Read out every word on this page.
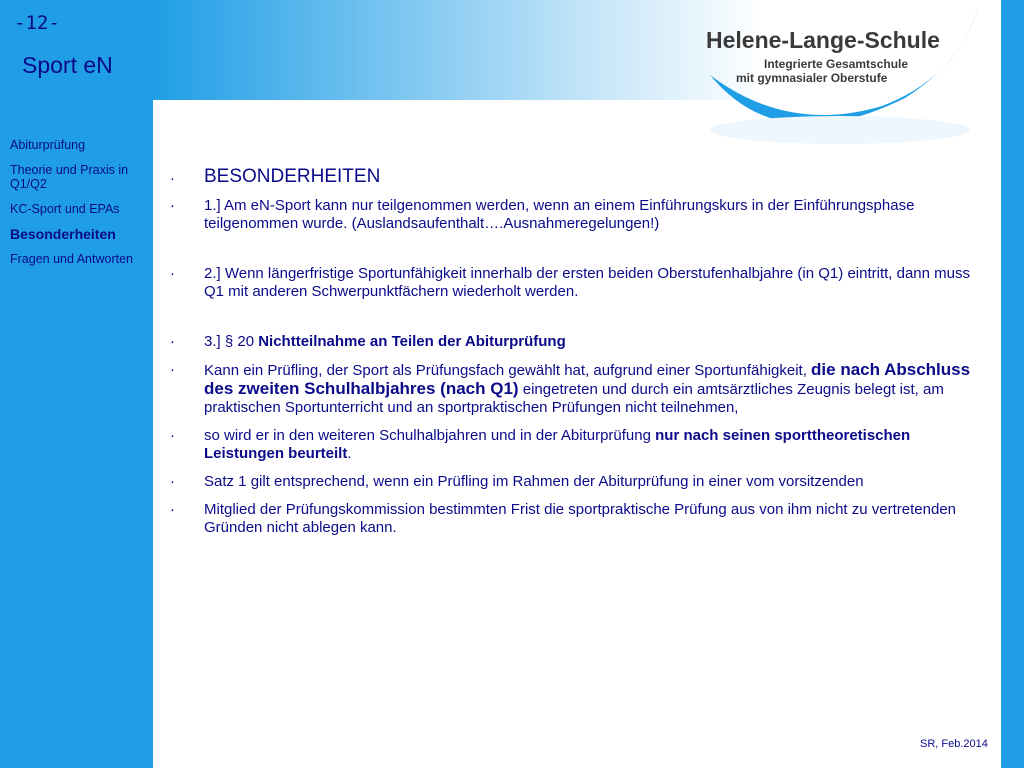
-12-
Sport eN
Abiturprüfung
Theorie und Praxis in Q1/Q2
KC-Sport und EPAs
Besonderheiten
Fragen und Antworten
Helene-Lange-Schule
Integrierte Gesamtschule
mit gymnasialer Oberstufe
· BESONDERHEITEN
· 1.] Am eN-Sport kann nur teilgenommen werden, wenn an einem Einführungskurs in der Einführungsphase teilgenommen wurde. (Auslandsaufenthalt….Ausnahmeregelungen!)
· 2.] Wenn längerfristige Sportunfähigkeit innerhalb der ersten beiden Oberstufenhalbjahre (in Q1) eintritt, dann muss Q1 mit anderen Schwerpunktfächern wiederholt werden.
· 3.] § 20 Nichtteilnahme an Teilen der Abiturprüfung
· Kann ein Prüfling, der Sport als Prüfungsfach gewählt hat, aufgrund einer Sportunfähigkeit, die nach Abschluss des zweiten Schulhalbjahres (nach Q1) eingetreten und durch ein amtsärztliches Zeugnis belegt ist, am praktischen Sportunterricht und an sportpraktischen Prüfungen nicht teilnehmen,
· so wird er in den weiteren Schulhalbjahren und in der Abiturprüfung nur nach seinen sporttheoretischen Leistungen beurteilt.
· Satz 1 gilt entsprechend, wenn ein Prüfling im Rahmen der Abiturprüfung in einer vom vorsitzenden
· Mitglied der Prüfungskommission bestimmten Frist die sportpraktische Prüfung aus von ihm nicht zu vertretenden Gründen nicht ablegen kann.
SR, Feb.2014
